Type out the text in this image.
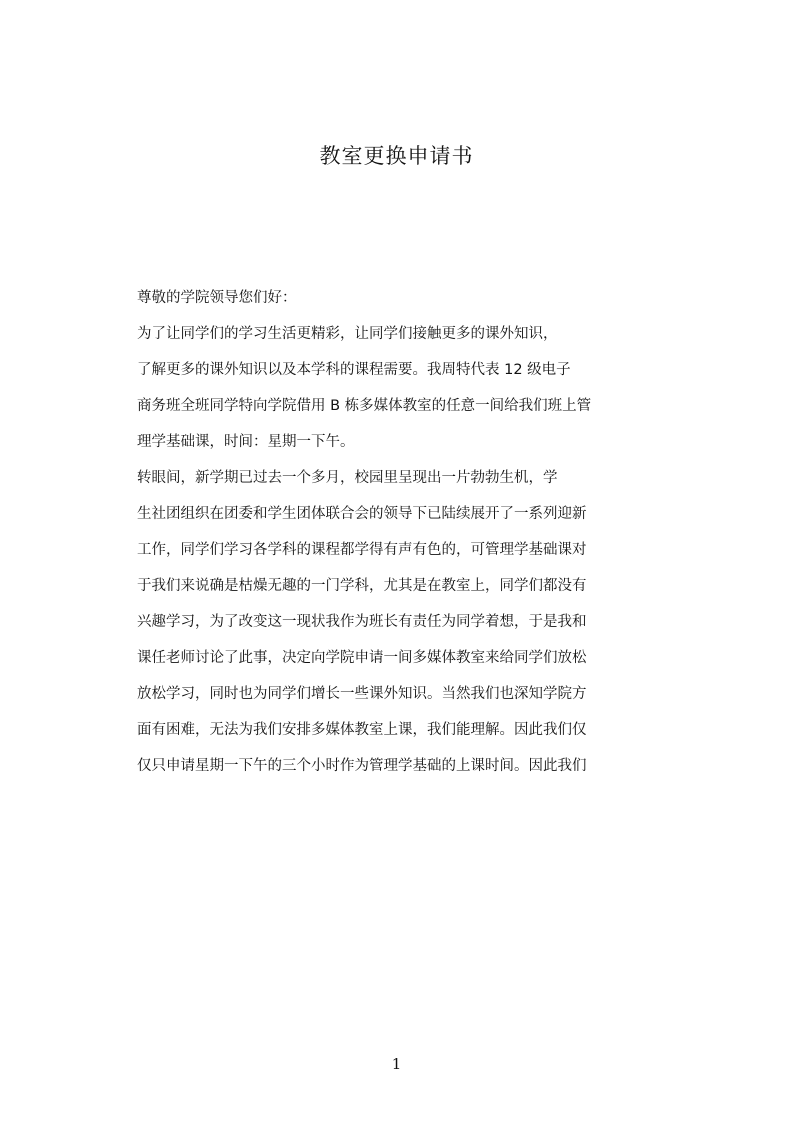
教室更换申请书
尊敬的学院领导您们好：
为了让同学们的学习生活更精彩，让同学们接触更多的课外知识，
了解更多的课外知识以及本学科的课程需要。我周特代表 12 级电子
商务班全班同学特向学院借用 B 栋多媒体教室的任意一间给我们班上管
理学基础课，时间：星期一下午。
转眼间，新学期已过去一个多月，校园里呈现出一片勃勃生机，学
生社团组织在团委和学生团体联合会的领导下已陆续展开了一系列迎新
工作，同学们学习各学科的课程都学得有声有色的，可管理学基础课对
于我们来说确是枯燥无趣的一门学科，尤其是在教室上，同学们都没有
兴趣学习，为了改变这一现状我作为班长有责任为同学着想，于是我和
课任老师讨论了此事，决定向学院申请一间多媒体教室来给同学们放松
放松学习，同时也为同学们增长一些课外知识。当然我们也深知学院方
面有困难，无法为我们安排多媒体教室上课，我们能理解。因此我们仅
仅只申请星期一下午的三个小时作为管理学基础的上课时间。因此我们
1
